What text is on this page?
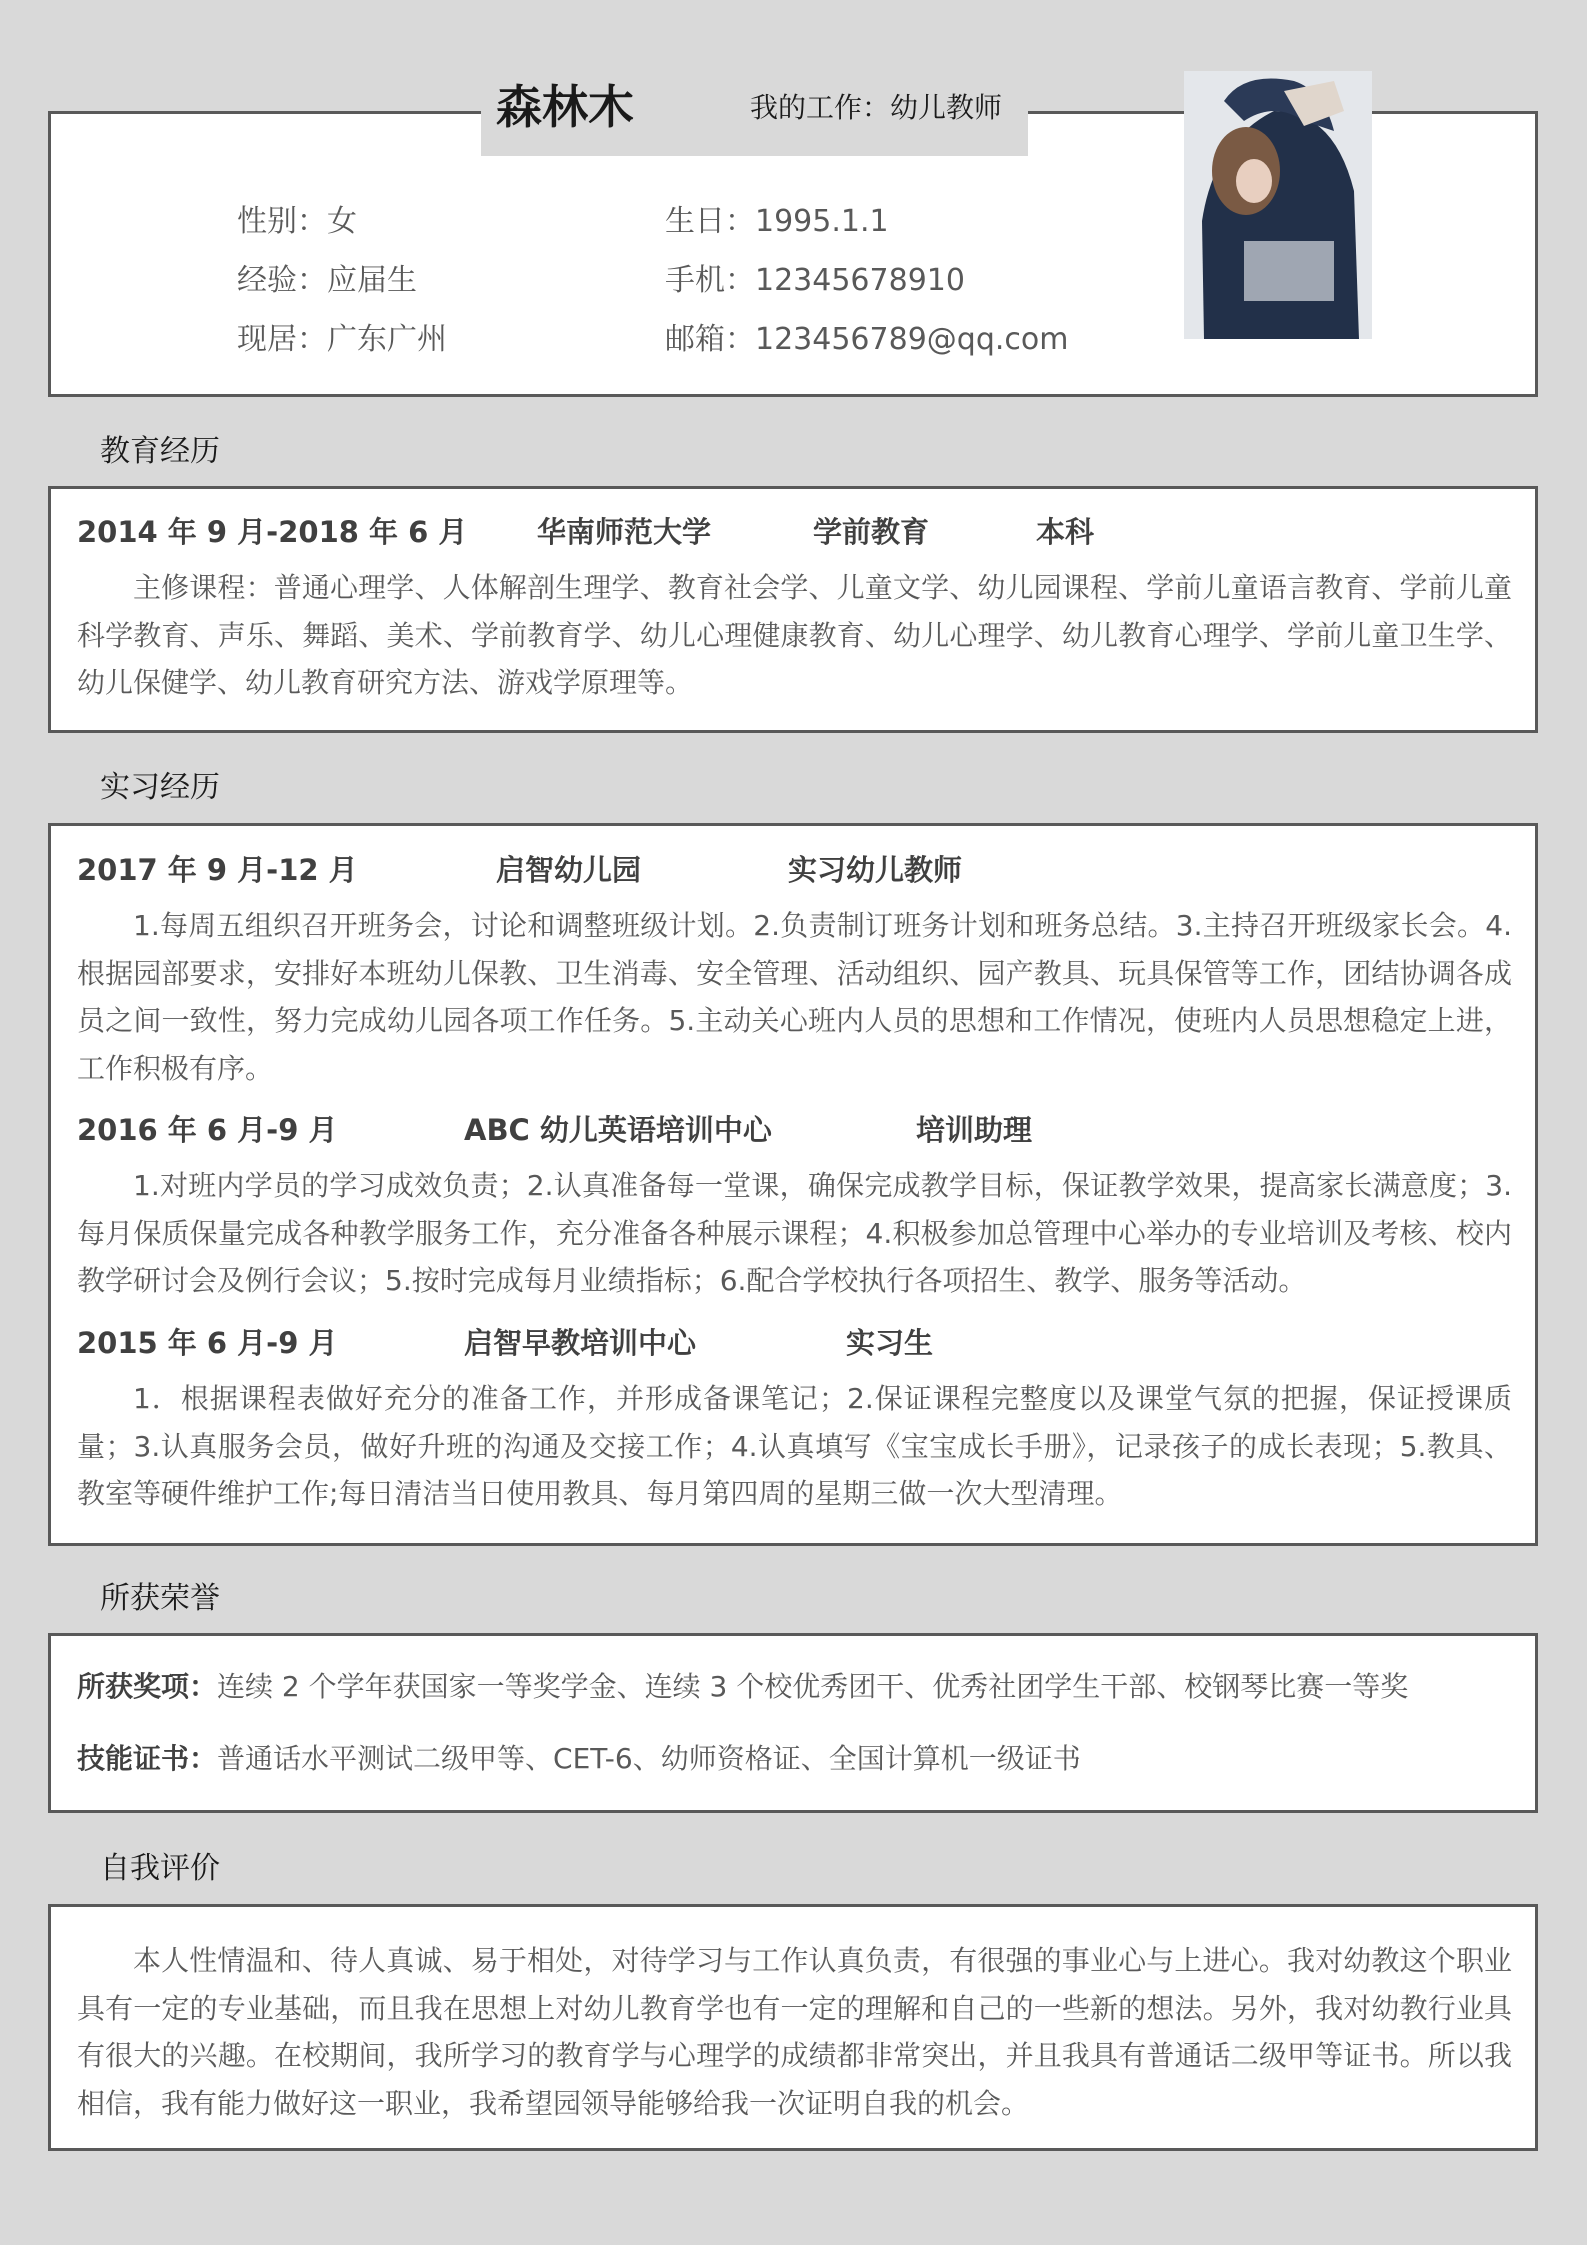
森林木	我的工作：幼儿教师
性别：女	生日：1995.1.1
经验：应届生	手机：12345678910
现居：广东广州	邮箱：123456789@qq.com
教育经历
2014 年 9 月-2018 年 6 月 华南师范大学	学前教育	本科

主修课程：普通心理学、人体解剖生理学、教育社会学、儿童文学、幼儿园课程、学前儿童语言教育、学前儿童科学教育、声乐、舞蹈、美术、学前教育学、幼儿心理健康教育、幼儿心理学、幼儿教育心理学、学前儿童卫生学、幼儿保健学、幼儿教育研究方法、游戏学原理等。

实习经历
2017 年 9 月-12 月	启智幼儿园	实习幼儿教师

1.每周五组织召开班务会，讨论和调整班级计划。2.负责制订班务计划和班务总结。3.主持召开班级家长会。4.根据园部要求，安排好本班幼儿保教、卫生消毒、安全管理、活动组织、园产教具、玩具保管等工作，团结协调各成员之间一致性，努力完成幼儿园各项工作任务。5.主动关心班内人员的思想和工作情况，使班内人员思想稳定上进，工作积极有序。

2016 年 6 月-9 月	ABC 幼儿英语培训中心	培训助理

1.对班内学员的学习成效负责；2.认真准备每一堂课，确保完成教学目标，保证教学效果，提高家长满意度；3.每月保质保量完成各种教学服务工作，充分准备各种展示课程；4.积极参加总管理中心举办的专业培训及考核、校内教学研讨会及例行会议；5.按时完成每月业绩指标；6.配合学校执行各项招生、教学、服务等活动。

2015 年 6 月-9 月	启智早教培训中心	实习生

1．根据课程表做好充分的准备工作，并形成备课笔记；2.保证课程完整度以及课堂气氛的把握，保证授课质量；3.认真服务会员，做好升班的沟通及交接工作；4.认真填写《宝宝成长手册》，记录孩子的成长表现；5.教具、教室等硬件维护工作;每日清洁当日使用教具、每月第四周的星期三做一次大型清理。

所获荣誉
所获奖项：连续 2 个学年获国家一等奖学金、连续 3 个校优秀团干、优秀社团学生干部、校钢琴比赛一等奖
技能证书：普通话水平测试二级甲等、CET-6、幼师资格证、全国计算机一级证书
自我评价

本人性情温和、待人真诚、易于相处，对待学习与工作认真负责，有很强的事业心与上进心。我对幼教这个职业具有一定的专业基础，而且我在思想上对幼儿教育学也有一定的理解和自己的一些新的想法。另外，我对幼教行业具有很大的兴趣。在校期间，我所学习的教育学与心理学的成绩都非常突出，并且我具有普通话二级甲等证书。所以我相信，我有能力做好这一职业，我希望园领导能够给我一次证明自我的机会。
